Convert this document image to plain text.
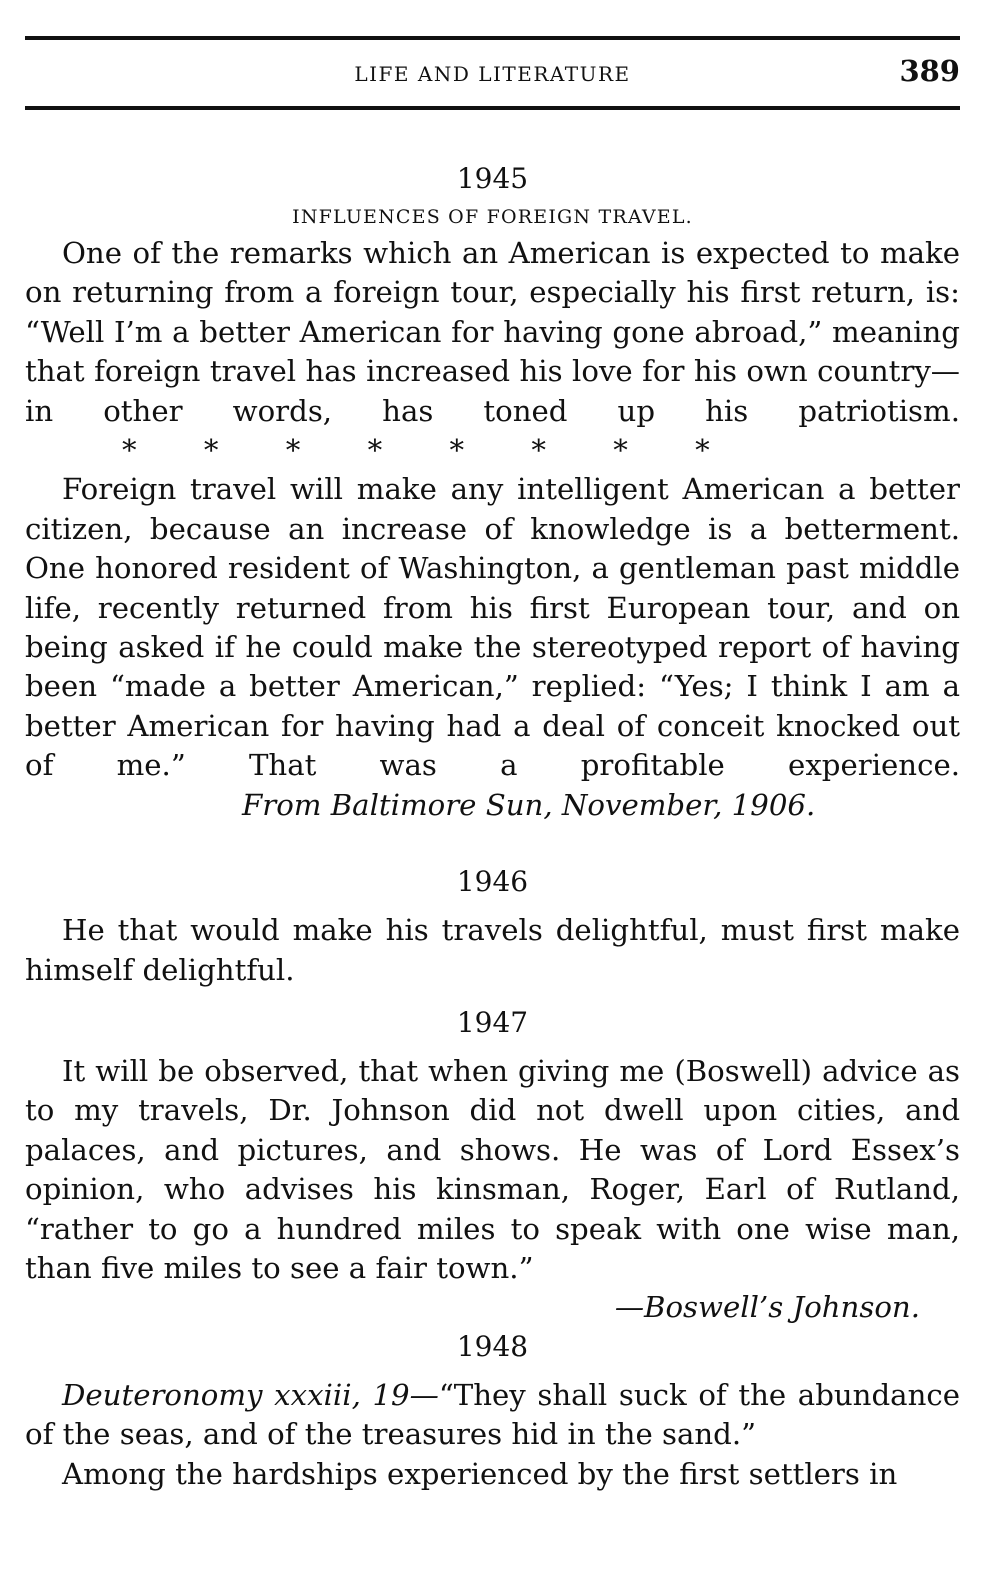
LIFE AND LITERATURE	389

1945

INFLUENCES OF FOREIGN TRAVEL.

One of the remarks which an American is expected to make on returning from a foreign tour, especially his first return, is: “Well I’m a better American for having gone abroad,” meaning that foreign travel has increased his love for his own country—in other words, has toned up his patriotism.* * * * * * * *

Foreign travel will make any intelligent American a better citizen, because an increase of knowledge is a betterment. One honored resident of Washington, a gentleman past middle life, recently returned from his first European tour, and on being asked if he could make the stereotyped report of having been “made a better American,” replied: “Yes; I think I am a better American for having had a deal of conceit knocked out of me.” That was a profitable experience.From Baltimore Sun, November, 1906.

1946

He that would make his travels delightful, must first make himself delightful.

1947

It will be observed, that when giving me (Boswell) advice as to my travels, Dr. Johnson did not dwell upon cities, and palaces, and pictures, and shows. He was of Lord Essex’s opinion, who advises his kinsman, Roger, Earl of Rutland, “rather to go a hundred miles to speak with one wise man, than five miles to see a fair town.”

—Boswell’s Johnson.

1948

Deuteronomy xxxiii, 19—“They shall suck of the abundance of the seas, and of the treasures hid in the sand.”

Among the hardships experienced by the first settlers in
